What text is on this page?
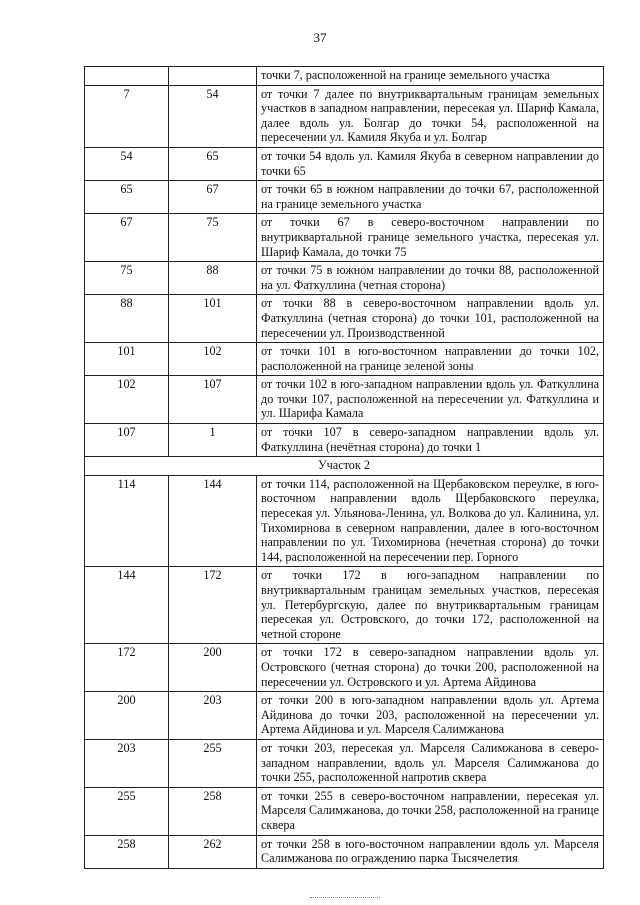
37
		точки 7, расположенной на границе земельного участка
7	54	от точки 7 далее по внутриквартальным границам земельных участков в западном направлении, пересекая ул. Шариф Камала, далее вдоль ул. Болгар до точки 54, расположенной на пересечении ул. Камиля Якуба и ул. Болгар
54	65	от точки 54 вдоль ул. Камиля Якуба в северном направлении до точки 65
65	67	от точки 65 в южном направлении до точки 67, расположенной на границе земельного участка
67	75	от точки 67 в северо-восточном направлении по внутриквартальной границе земельного участка, пересекая ул. Шариф Камала, до точки 75
75	88	от точки 75 в южном направлении до точки 88, расположенной на ул. Фаткуллина (четная сторона)
88	101	от точки 88 в северо-восточном направлении вдоль ул. Фаткуллина (четная сторона) до точки 101, расположенной на пересечении ул. Производственной
101	102	от точки 101 в юго-восточном направлении до точки 102, расположенной на границе зеленой зоны
102	107	от точки 102 в юго-западном направлении вдоль ул. Фаткуллина до точки 107, расположенной на пересечении ул. Фаткуллина и ул. Шарифа Камала
107	1	от точки 107 в северо-западном направлении вдоль ул. Фаткуллина (нечётная сторона) до точки 1
Участок 2		
114	144	от точки 114, расположенной на Щербаковском переулке, в юго-восточном направлении вдоль Щербаковского переулка, пересекая ул. Ульянова-Ленина, ул. Волкова до ул. Калинина, ул. Тихомирнова в северном направлении, далее в юго-восточном направлении по ул. Тихомирнова (нечетная сторона) до точки 144, расположенной на пересечении пер. Горного
144	172	от точки 172 в юго-западном направлении по внутриквартальным границам земельных участков, пересекая ул. Петербургскую, далее по внутриквартальным границам пересекая ул. Островского, до точки 172, расположенной на четной стороне
172	200	от точки 172 в северо-западном направлении вдоль ул. Островского (четная сторона) до точки 200, расположенной на пересечении ул. Островского и ул. Артема Айдинова
200	203	от точки 200 в юго-западном направлении вдоль ул. Артема Айдинова до точки 203, расположенной на пересечении ул. Артема Айдинова и ул. Марселя Салимжанова
203	255	от точки 203, пересекая ул. Марселя Салимжанова в северо-западном направлении, вдоль ул. Марселя Салимжанова до точки 255, расположенной напротив сквера
255	258	от точки 255 в северо-восточном направлении, пересекая ул. Марселя Салимжанова, до точки 258, расположенной на границе сквера
258	262	от точки 258 в юго-восточном направлении вдоль ул. Марселя Салимжанова по ограждению парка Тысячелетия
